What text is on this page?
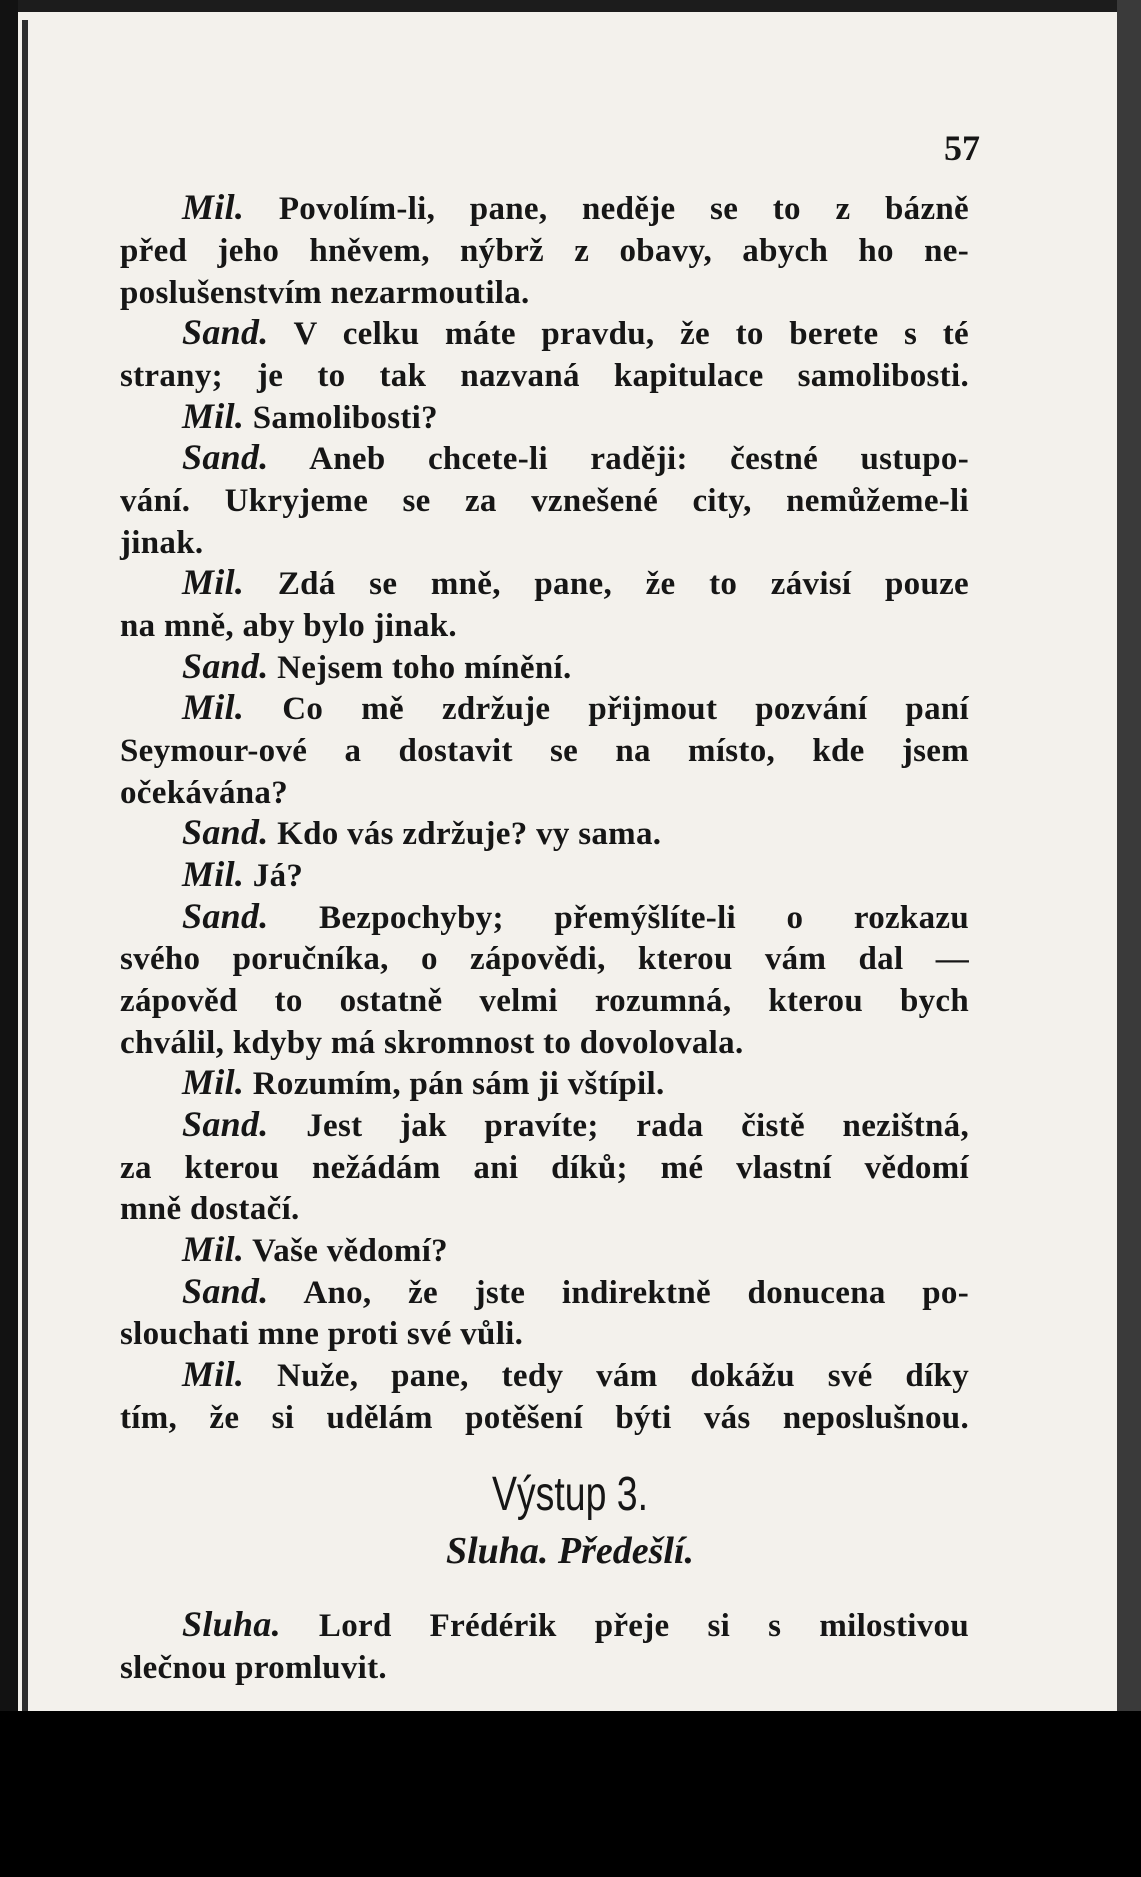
57
Mil. Povolím-li, pane, neděje se to z bázně
před jeho hněvem, nýbrž z obavy, abych ho ne-
poslušenstvím nezarmoutila.
Sand. V celku máte pravdu, že to berete s té
strany; je to tak nazvaná kapitulace samolibosti.
Mil. Samolibosti?
Sand. Aneb chcete-li raději: čestné ustupo-
vání. Ukryjeme se za vznešené city, nemůžeme-li
jinak.
Mil. Zdá se mně, pane, že to závisí pouze
na mně, aby bylo jinak.
Sand. Nejsem toho mínění.
Mil. Co mě zdržuje přijmout pozvání paní
Seymour-ové a dostavit se na místo, kde jsem
očekávána?
Sand. Kdo vás zdržuje? vy sama.
Mil. Já?
Sand. Bezpochyby; přemýšlíte-li o rozkazu
svého poručníka, o zápovědi, kterou vám dal —
zápověd to ostatně velmi rozumná, kterou bych
chválil, kdyby má skromnost to dovolovala.
Mil. Rozumím, pán sám ji vštípil.
Sand. Jest jak pravíte; rada čistě nezištná,
za kterou nežádám ani díků; mé vlastní vědomí
mně dostačí.
Mil. Vaše vědomí?
Sand. Ano, že jste indirektně donucena po-
slouchati mne proti své vůli.
Mil. Nuže, pane, tedy vám dokážu své díky
tím, že si udělám potěšení býti vás neposlušnou.
Výstup 3.
Sluha. Předešlí.
Sluha. Lord Frédérik přeje si s milostivou
slečnou promluvit.
